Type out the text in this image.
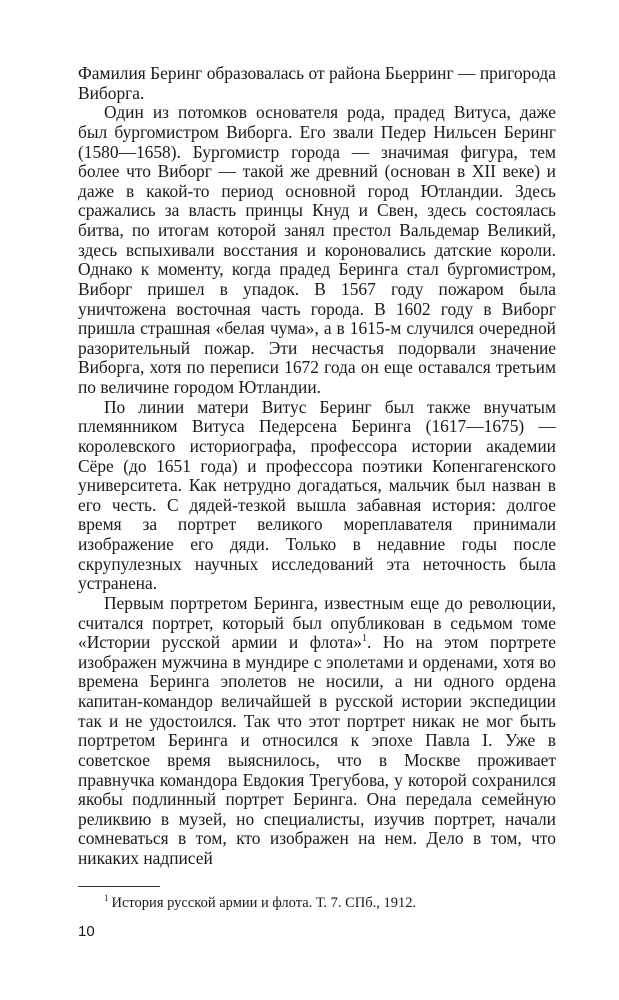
Фамилия Беринг образовалась от района Бьерринг — пригорода Виборга.

Один из потомков основателя рода, прадед Витуса, даже был бургомистром Виборга. Его звали Педер Нильсен Беринг (1580—1658). Бургомистр города — значимая фигура, тем более что Виборг — такой же древний (основан в XII веке) и даже в какой-то период основной город Ютландии. Здесь сражались за власть принцы Кнуд и Свен, здесь состоялась битва, по итогам которой занял престол Вальдемар Великий, здесь вспыхивали восстания и короновались датские короли. Однако к моменту, когда прадед Беринга стал бургомистром, Виборг пришел в упадок. В 1567 году пожаром была уничтожена восточная часть города. В 1602 году в Виборг пришла страшная «белая чума», а в 1615-м случился очередной разорительный пожар. Эти несчастья подорвали значение Виборга, хотя по переписи 1672 года он еще оставался третьим по величине городом Ютландии.

По линии матери Витус Беринг был также внучатым племянником Витуса Педерсена Беринга (1617—1675) — королевского историографа, профессора истории академии Сёре (до 1651 года) и профессора поэтики Копенгагенского университета. Как нетрудно догадаться, мальчик был назван в его честь. С дядей-тезкой вышла забавная история: долгое время за портрет великого мореплавателя принимали изображение его дяди. Только в недавние годы после скрупулезных научных исследований эта неточность была устранена.

Первым портретом Беринга, известным еще до революции, считался портрет, который был опубликован в седьмом томе «Истории русской армии и флота»$^1$. Но на этом портрете изображен мужчина в мундире с эполетами и орденами, хотя во времена Беринга эполетов не носили, а ни одного ордена капитан-командор величайшей в русской истории экспедиции так и не удостоился. Так что этот портрет никак не мог быть портретом Беринга и относился к эпохе Павла I. Уже в советское время выяснилось, что в Москве проживает правнучка командора Евдокия Трегубова, у которой сохранился якобы подлинный портрет Беринга. Она передала семейную реликвию в музей, но специалисты, изучив портрет, начали сомневаться в том, кто изображен на нем. Дело в том, что никаких надписей

$^1$ История русской армии и флота. Т. 7. СПб., 1912.
10
